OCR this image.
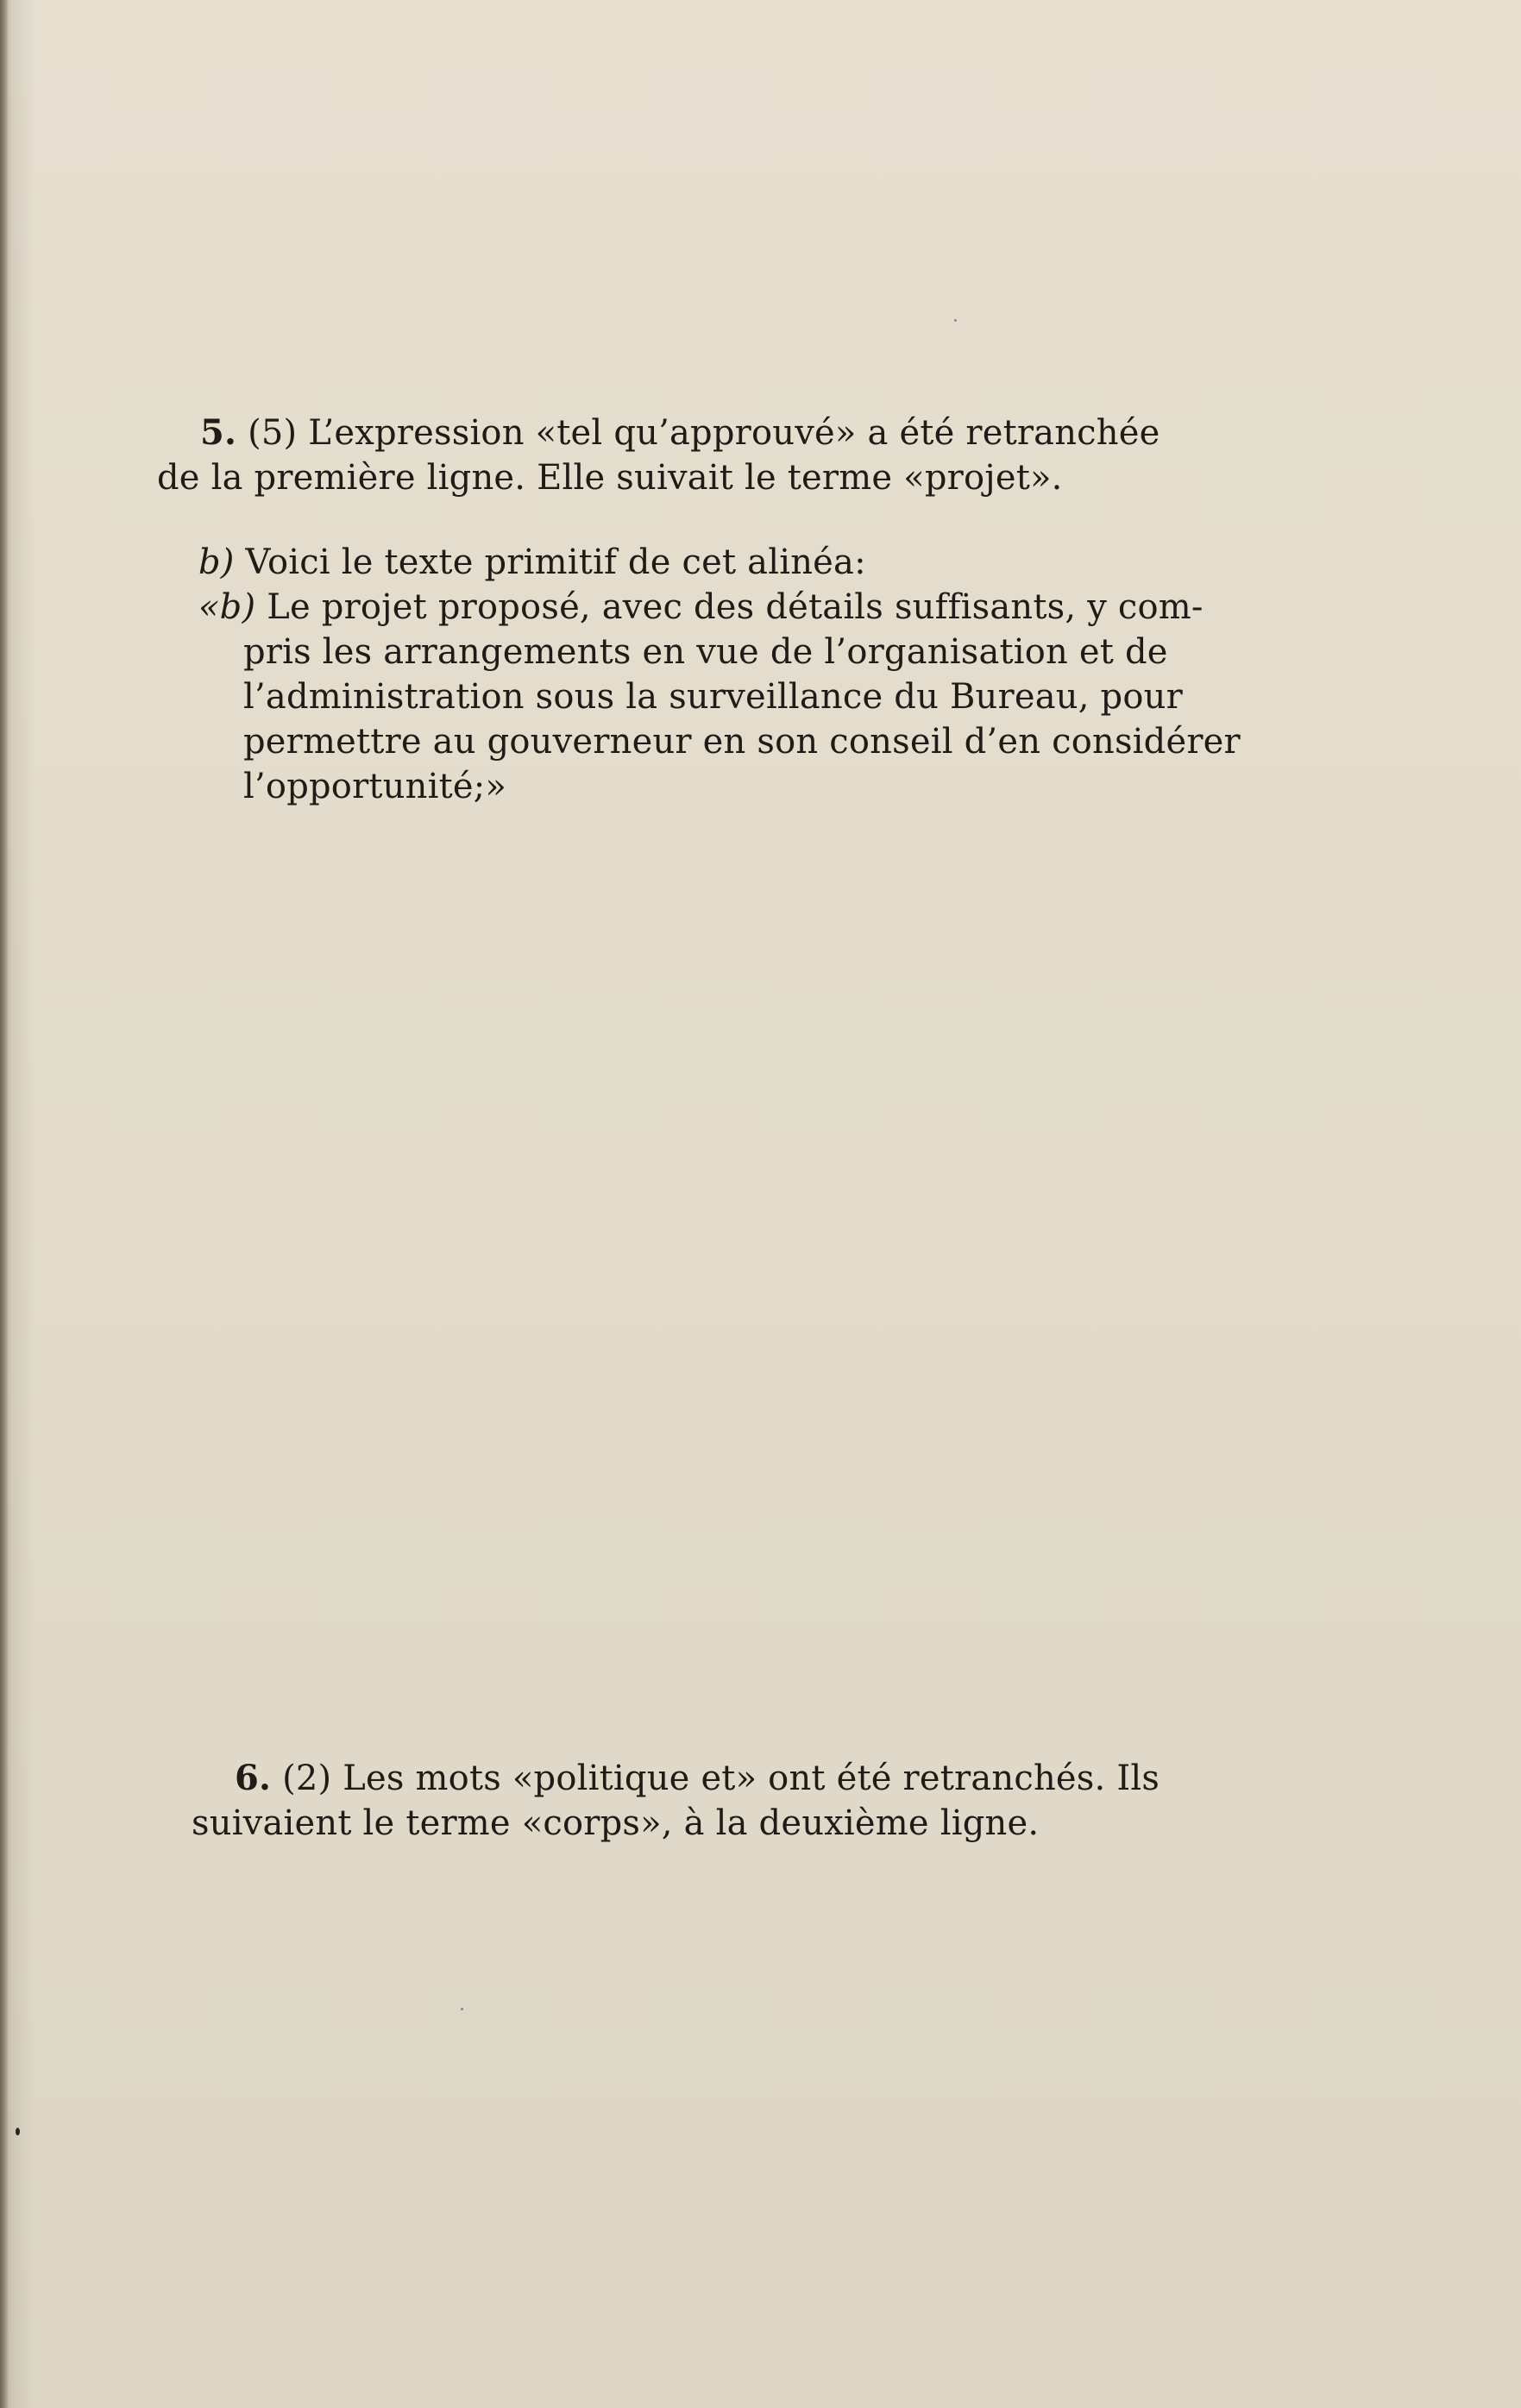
5. (5) L’expression «tel qu’approuvé» a été retranchée
de la première ligne. Elle suivait le terme «projet».
b) Voici le texte primitif de cet alinéa:
«b) Le projet proposé, avec des détails suffisants, y com-
pris les arrangements en vue de l’organisation et de
l’administration sous la surveillance du Bureau, pour
permettre au gouverneur en son conseil d’en considérer
l’opportunité;»
6. (2) Les mots «politique et» ont été retranchés. Ils
suivaient le terme «corps», à la deuxième ligne.
